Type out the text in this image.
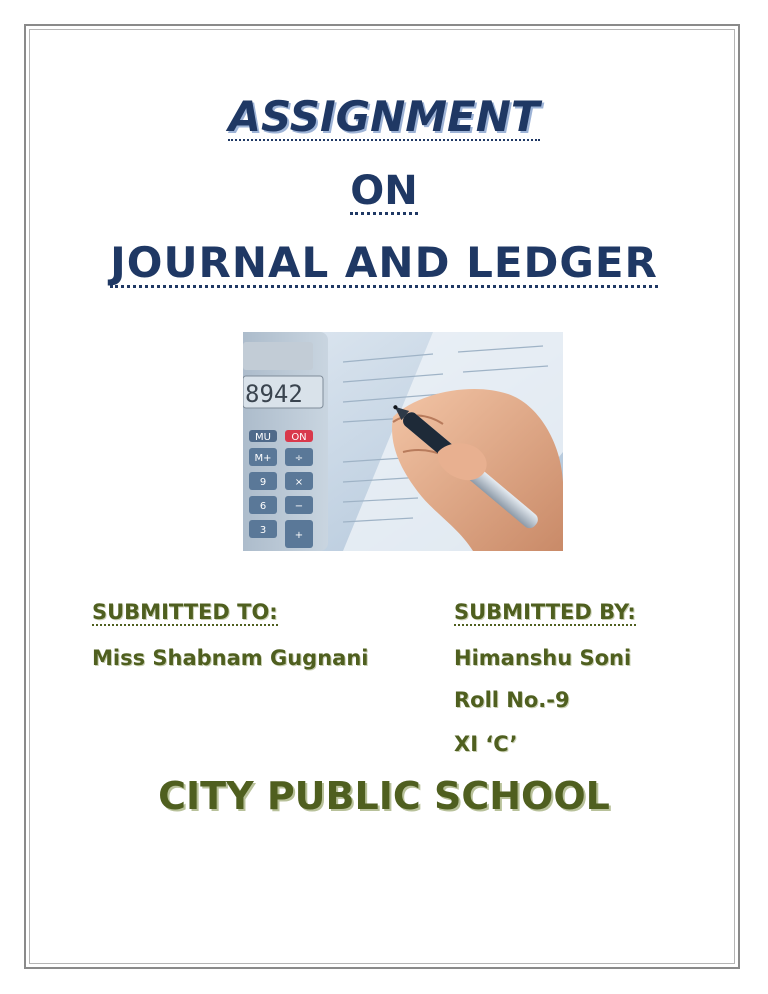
ASSIGNMENT
ON
JOURNAL AND LEDGER
8942
MU ON
M+ ÷
9	×
6	−
3	+
SUBMITTED TO:
Miss Shabnam Gugnani
SUBMITTED BY:
Himanshu Soni
Roll No.-9
XI ‘C’
CITY PUBLIC SCHOOL
